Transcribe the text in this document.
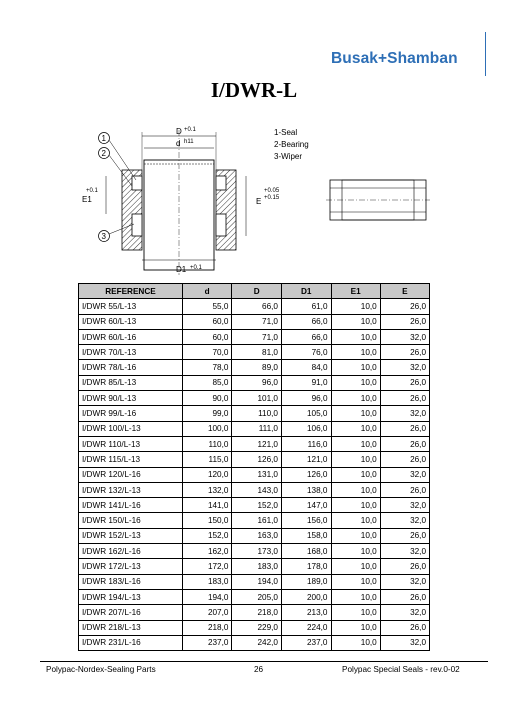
Busak+Shamban
I/DWR-L
D +0.1
d h11
D1 +0.1
E1
+0.1
E
+0.05
+0.15
1
2
3
1-Seal
2-Bearing
3-Wiper
REFERENCE	d	D	D1	E1	E
I/DWR 55/L-13	55,0	66,0	61,0	10,0	26,0
I/DWR 60/L-13	60,0	71,0	66,0	10,0	26,0
I/DWR 60/L-16	60,0	71,0	66,0	10,0	32,0
I/DWR 70/L-13	70,0	81,0	76,0	10,0	26,0
I/DWR 78/L-16	78,0	89,0	84,0	10,0	32,0
I/DWR 85/L-13	85,0	96,0	91,0	10,0	26,0
I/DWR 90/L-13	90,0	101,0	96,0	10,0	26,0
I/DWR 99/L-16	99,0	110,0	105,0	10,0	32,0
I/DWR 100/L-13	100,0	111,0	106,0	10,0	26,0
I/DWR 110/L-13	110,0	121,0	116,0	10,0	26,0
I/DWR 115/L-13	115,0	126,0	121,0	10,0	26,0
I/DWR 120/L-16	120,0	131,0	126,0	10,0	32,0
I/DWR 132/L-13	132,0	143,0	138,0	10,0	26,0
I/DWR 141/L-16	141,0	152,0	147,0	10,0	32,0
I/DWR 150/L-16	150,0	161,0	156,0	10,0	32,0
I/DWR 152/L-13	152,0	163,0	158,0	10,0	26,0
I/DWR 162/L-16	162,0	173,0	168,0	10,0	32,0
I/DWR 172/L-13	172,0	183,0	178,0	10,0	26,0
I/DWR 183/L-16	183,0	194,0	189,0	10,0	32,0
I/DWR 194/L-13	194,0	205,0	200,0	10,0	26,0
I/DWR 207/L-16	207,0	218,0	213,0	10,0	32,0
I/DWR 218/L-13	218,0	229,0	224,0	10,0	26,0
I/DWR 231/L-16	237,0	242,0	237,0	10,0	32,0
Polypac-Nordex-Sealing Parts	26	Polypac Special Seals - rev.0-02
